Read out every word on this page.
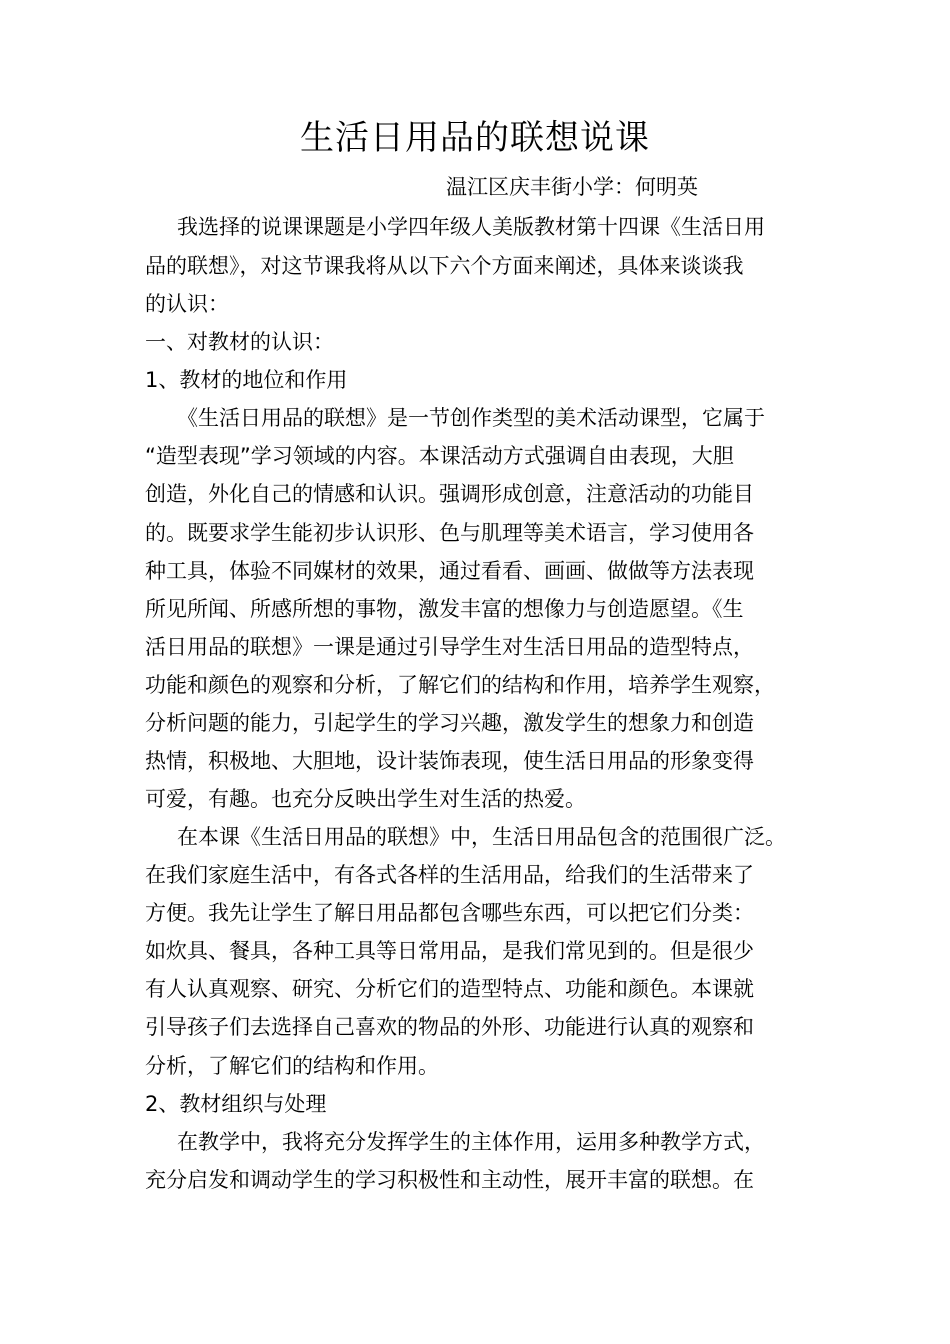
生活日用品的联想说课
温江区庆丰街小学：何明英
我选择的说课课题是小学四年级人美版教材第十四课《生活日用
品的联想》，对这节课我将从以下六个方面来阐述，具体来谈谈我
的认识：
一、对教材的认识：
1、教材的地位和作用
《生活日用品的联想》是一节创作类型的美术活动课型，它属于
“造型表现”学习领域的内容。本课活动方式强调自由表现，大胆
创造，外化自己的情感和认识。强调形成创意，注意活动的功能目
的。既要求学生能初步认识形、色与肌理等美术语言，学习使用各
种工具，体验不同媒材的效果，通过看看、画画、做做等方法表现
所见所闻、所感所想的事物，激发丰富的想像力与创造愿望。《生
活日用品的联想》一课是通过引导学生对生活日用品的造型特点，
功能和颜色的观察和分析，了解它们的结构和作用，培养学生观察，
分析问题的能力，引起学生的学习兴趣，激发学生的想象力和创造
热情，积极地、大胆地，设计装饰表现，使生活日用品的形象变得
可爱，有趣。也充分反映出学生对生活的热爱。
在本课《生活日用品的联想》中，生活日用品包含的范围很广泛。
在我们家庭生活中，有各式各样的生活用品，给我们的生活带来了
方便。我先让学生了解日用品都包含哪些东西，可以把它们分类：
如炊具、餐具，各种工具等日常用品，是我们常见到的。但是很少
有人认真观察、研究、分析它们的造型特点、功能和颜色。本课就
引导孩子们去选择自己喜欢的物品的外形、功能进行认真的观察和
分析，了解它们的结构和作用。
2、教材组织与处理
在教学中，我将充分发挥学生的主体作用，运用多种教学方式，
充分启发和调动学生的学习积极性和主动性，展开丰富的联想。在
